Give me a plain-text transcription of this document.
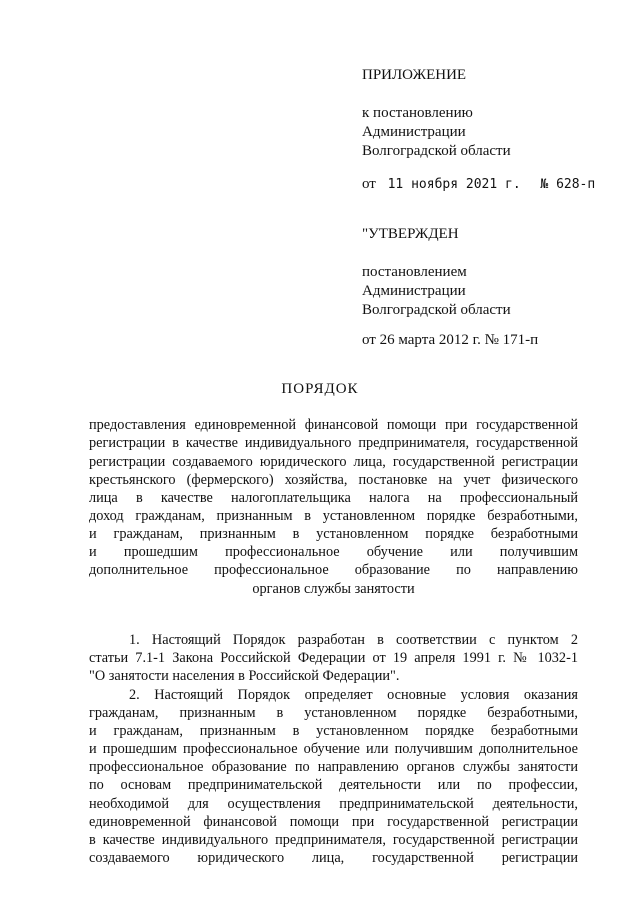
ПРИЛОЖЕНИЕ
к постановлению
Администрации
Волгоградской области
от 11 ноября 2021 г. № 628-п
"УТВЕРЖДЕН
постановлением
Администрации
Волгоградской области
от 26 марта 2012 г. № 171-п
ПОРЯДОК
предоставления единовременной финансовой помощи при государственной
регистрации в качестве индивидуального предпринимателя, государственной
регистрации создаваемого юридического лица, государственной регистрации
крестьянского (фермерского) хозяйства, постановке на учет физического
лица в качестве налогоплательщика налога на профессиональный
доход гражданам, признанным в установленном порядке безработными,
и гражданам, признанным в установленном порядке безработными
и прошедшим профессиональное обучение или получившим
дополнительное профессиональное образование по направлению
органов службы занятости
1. Настоящий Порядок разработан в соответствии с пунктом 2
статьи 7.1-1 Закона Российской Федерации от 19 апреля 1991 г. № 1032-1
"О занятости населения в Российской Федерации".
2. Настоящий Порядок определяет основные условия оказания
гражданам, признанным в установленном порядке безработными,
и гражданам, признанным в установленном порядке безработными
и прошедшим профессиональное обучение или получившим дополнительное
профессиональное образование по направлению органов службы занятости
по основам предпринимательской деятельности или по профессии,
необходимой для осуществления предпринимательской деятельности,
единовременной финансовой помощи при государственной регистрации
в качестве индивидуального предпринимателя, государственной регистрации
создаваемого юридического лица, государственной регистрации
